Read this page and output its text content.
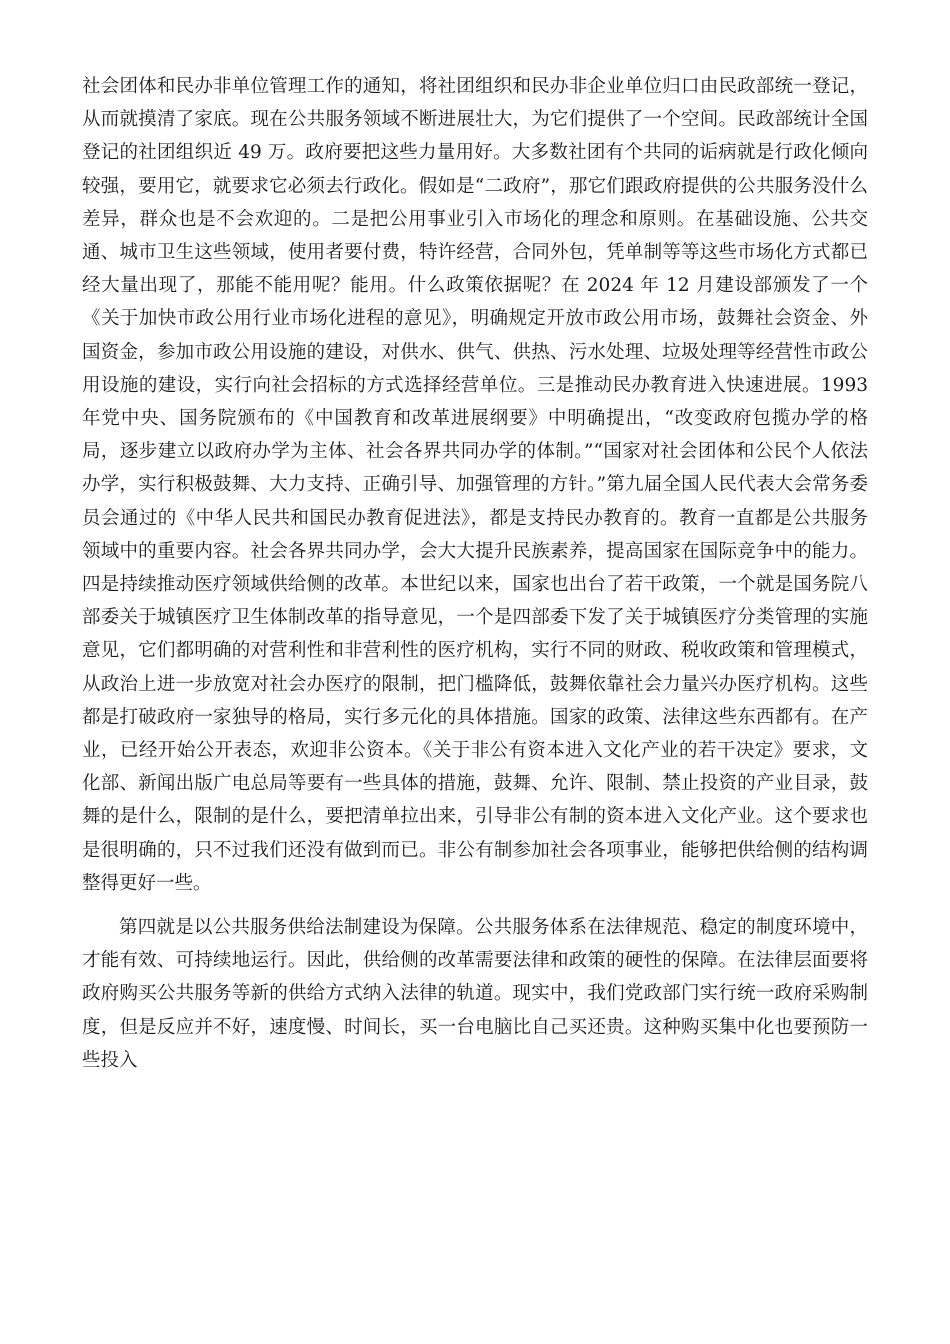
社会团体和民办非单位管理工作的通知，将社团组织和民办非企业单位归口由民政部统一登记，从而就摸清了家底。现在公共服务领域不断进展壮大，为它们提供了一个空间。民政部统计全国登记的社团组织近 49 万。政府要把这些力量用好。大多数社团有个共同的诟病就是行政化倾向较强，要用它，就要求它必须去行政化。假如是“二政府”，那它们跟政府提供的公共服务没什么差异，群众也是不会欢迎的。二是把公用事业引入市场化的理念和原则。在基础设施、公共交通、城市卫生这些领域，使用者要付费，特许经营，合同外包，凭单制等等这些市场化方式都已经大量出现了，那能不能用呢？能用。什么政策依据呢？在 2024 年 12 月建设部颁发了一个《关于加快市政公用行业市场化进程的意见》，明确规定开放市政公用市场，鼓舞社会资金、外国资金，参加市政公用设施的建设，对供水、供气、供热、污水处理、垃圾处理等经营性市政公用设施的建设，实行向社会招标的方式选择经营单位。三是推动民办教育进入快速进展。1993 年党中央、国务院颁布的《中国教育和改革进展纲要》中明确提出，“改变政府包揽办学的格局，逐步建立以政府办学为主体、社会各界共同办学的体制。”“国家对社会团体和公民个人依法办学，实行积极鼓舞、大力支持、正确引导、加强管理的方针。”第九届全国人民代表大会常务委员会通过的《中华人民共和国民办教育促进法》，都是支持民办教育的。教育一直都是公共服务领域中的重要内容。社会各界共同办学，会大大提升民族素养，提高国家在国际竞争中的能力。四是持续推动医疗领域供给侧的改革。本世纪以来，国家也出台了若干政策，一个就是国务院八部委关于城镇医疗卫生体制改革的指导意见，一个是四部委下发了关于城镇医疗分类管理的实施意见，它们都明确的对营利性和非营利性的医疗机构，实行不同的财政、税收政策和管理模式，从政治上进一步放宽对社会办医疗的限制，把门槛降低，鼓舞依靠社会力量兴办医疗机构。这些都是打破政府一家独导的格局，实行多元化的具体措施。国家的政策、法律这些东西都有。在产业，已经开始公开表态，欢迎非公资本。《关于非公有资本进入文化产业的若干决定》要求，文化部、新闻出版广电总局等要有一些具体的措施，鼓舞、允许、限制、禁止投资的产业目录，鼓舞的是什么，限制的是什么，要把清单拉出来，引导非公有制的资本进入文化产业。这个要求也是很明确的，只不过我们还没有做到而已。非公有制参加社会各项事业，能够把供给侧的结构调整得更好一些。

第四就是以公共服务供给法制建设为保障。公共服务体系在法律规范、稳定的制度环境中，才能有效、可持续地运行。因此，供给侧的改革需要法律和政策的硬性的保障。在法律层面要将政府购买公共服务等新的供给方式纳入法律的轨道。现实中，我们党政部门实行统一政府采购制度，但是反应并不好，速度慢、时间长，买一台电脑比自己买还贵。这种购买集中化也要预防一些投入
